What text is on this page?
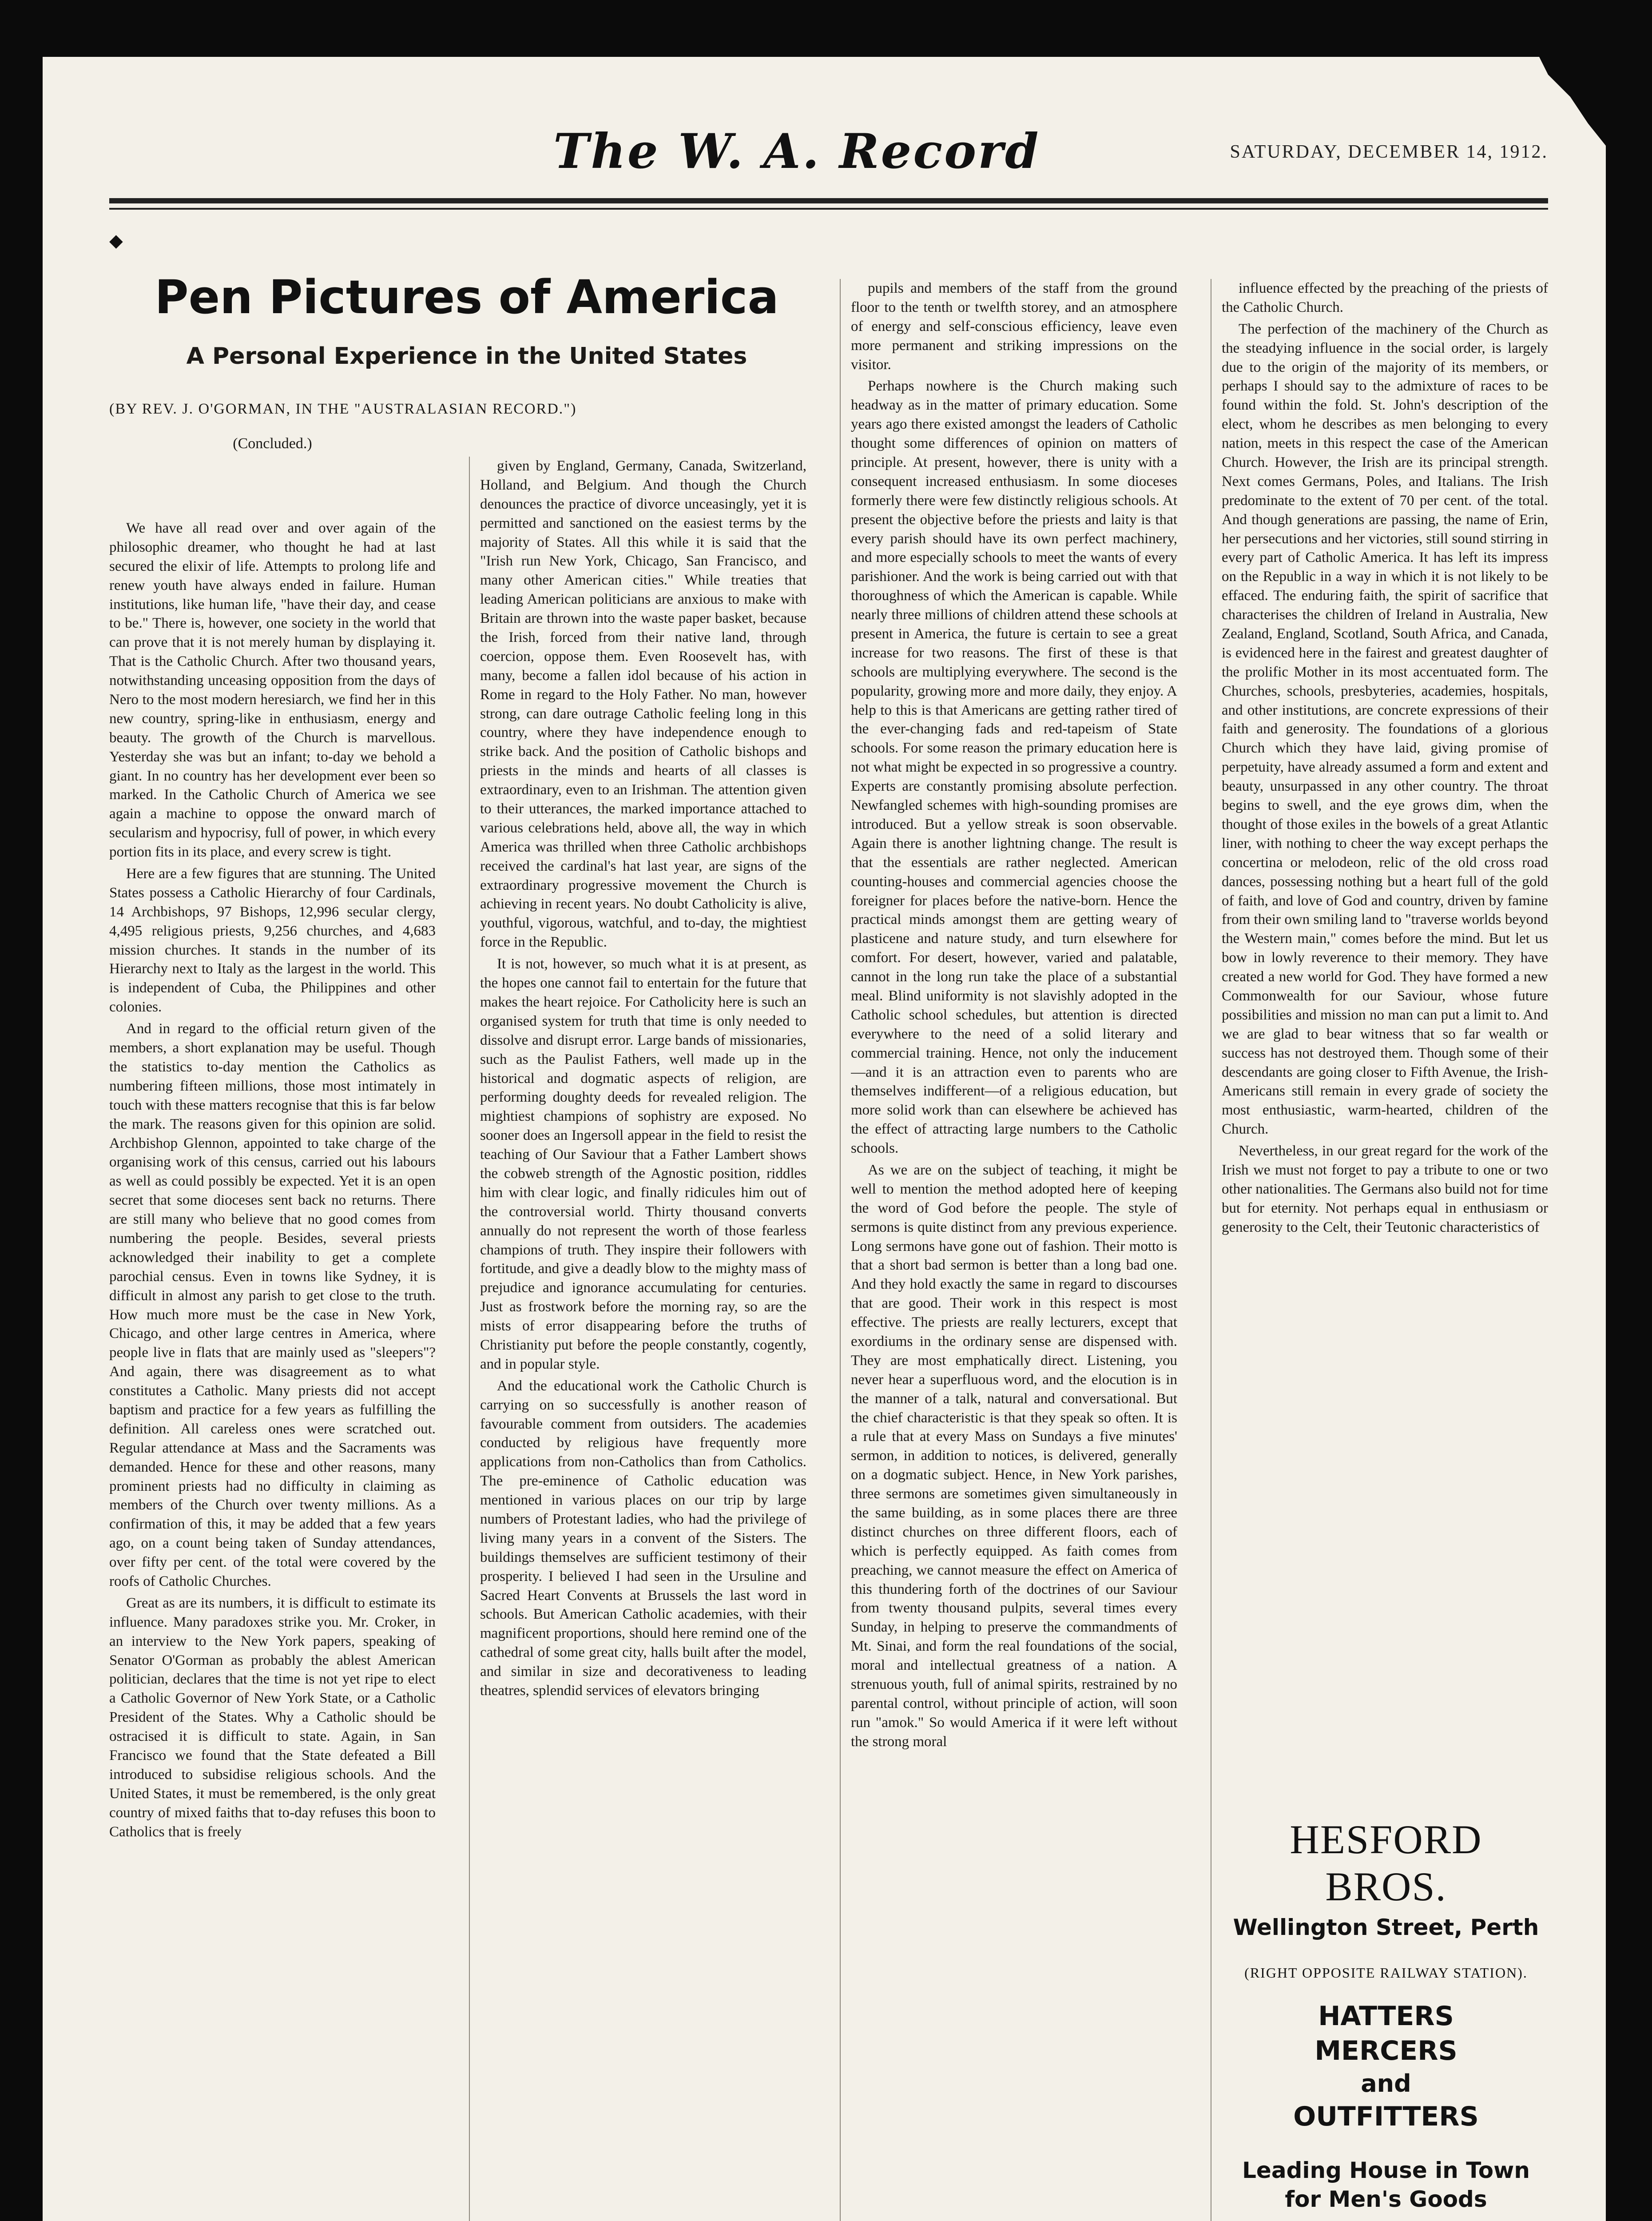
The W. A. Record	SATURDAY, DECEMBER 14, 1912.
◆
Pen Pictures of America
A Personal Experience in the United States
(BY REV. J. O'GORMAN, IN THE "AUSTRALASIAN RECORD.")
(Concluded.)

We have all read over and over again of the philosophic dreamer, who thought he had at last secured the elixir of life. Attempts to prolong life and renew youth have always ended in failure. Human institutions, like human life, "have their day, and cease to be." There is, however, one society in the world that can prove that it is not merely human by displaying it. That is the Catholic Church. After two thousand years, notwithstanding unceasing opposition from the days of Nero to the most modern heresiarch, we find her in this new country, spring-like in enthusiasm, energy and beauty. The growth of the Church is marvellous. Yesterday she was but an infant; to-day we behold a giant. In no country has her development ever been so marked. In the Catholic Church of America we see again a machine to oppose the onward march of secularism and hypocrisy, full of power, in which every portion fits in its place, and every screw is tight.

Here are a few figures that are stunning. The United States possess a Catholic Hierarchy of four Cardinals, 14 Archbishops, 97 Bishops, 12,996 secular clergy, 4,495 religious priests, 9,256 churches, and 4,683 mission churches. It stands in the number of its Hierarchy next to Italy as the largest in the world. This is independent of Cuba, the Philippines and other colonies.

And in regard to the official return given of the members, a short explanation may be useful. Though the statistics to-day mention the Catholics as numbering fifteen millions, those most intimately in touch with these matters recognise that this is far below the mark. The reasons given for this opinion are solid. Archbishop Glennon, appointed to take charge of the organising work of this census, carried out his labours as well as could possibly be expected. Yet it is an open secret that some dioceses sent back no returns. There are still many who believe that no good comes from numbering the people. Besides, several priests acknowledged their inability to get a complete parochial census. Even in towns like Sydney, it is difficult in almost any parish to get close to the truth. How much more must be the case in New York, Chicago, and other large centres in America, where people live in flats that are mainly used as "sleepers"? And again, there was disagreement as to what constitutes a Catholic. Many priests did not accept baptism and practice for a few years as fulfilling the definition. All careless ones were scratched out. Regular attendance at Mass and the Sacraments was demanded. Hence for these and other reasons, many prominent priests had no difficulty in claiming as members of the Church over twenty millions. As a confirmation of this, it may be added that a few years ago, on a count being taken of Sunday attendances, over fifty per cent. of the total were covered by the roofs of Catholic Churches.

Great as are its numbers, it is difficult to estimate its influence. Many paradoxes strike you. Mr. Croker, in an interview to the New York papers, speaking of Senator O'Gorman as probably the ablest American politician, declares that the time is not yet ripe to elect a Catholic Governor of New York State, or a Catholic President of the States. Why a Catholic should be ostracised it is difficult to state. Again, in San Francisco we found that the State defeated a Bill introduced to subsidise religious schools. And the United States, it must be remembered, is the only great country of mixed faiths that to-day refuses this boon to Catholics that is freely

given by England, Germany, Canada, Switzerland, Holland, and Belgium. And though the Church denounces the practice of divorce unceasingly, yet it is permitted and sanctioned on the easiest terms by the majority of States. All this while it is said that the "Irish run New York, Chicago, San Francisco, and many other American cities." While treaties that leading American politicians are anxious to make with Britain are thrown into the waste paper basket, because the Irish, forced from their native land, through coercion, oppose them. Even Roosevelt has, with many, become a fallen idol because of his action in Rome in regard to the Holy Father. No man, however strong, can dare outrage Catholic feeling long in this country, where they have independence enough to strike back. And the position of Catholic bishops and priests in the minds and hearts of all classes is extraordinary, even to an Irishman. The attention given to their utterances, the marked importance attached to various celebrations held, above all, the way in which America was thrilled when three Catholic archbishops received the cardinal's hat last year, are signs of the extraordinary progressive movement the Church is achieving in recent years. No doubt Catholicity is alive, youthful, vigorous, watchful, and to-day, the mightiest force in the Republic.

It is not, however, so much what it is at present, as the hopes one cannot fail to entertain for the future that makes the heart rejoice. For Catholicity here is such an organised system for truth that time is only needed to dissolve and disrupt error. Large bands of missionaries, such as the Paulist Fathers, well made up in the historical and dogmatic aspects of religion, are performing doughty deeds for revealed religion. The mightiest champions of sophistry are exposed. No sooner does an Ingersoll appear in the field to resist the teaching of Our Saviour that a Father Lambert shows the cobweb strength of the Agnostic position, riddles him with clear logic, and finally ridicules him out of the controversial world. Thirty thousand converts annually do not represent the worth of those fearless champions of truth. They inspire their followers with fortitude, and give a deadly blow to the mighty mass of prejudice and ignorance accumulating for centuries. Just as frostwork before the morning ray, so are the mists of error disappearing before the truths of Christianity put before the people constantly, cogently, and in popular style.

And the educational work the Catholic Church is carrying on so successfully is another reason of favourable comment from outsiders. The academies conducted by religious have frequently more applications from non-Catholics than from Catholics. The pre-eminence of Catholic education was mentioned in various places on our trip by large numbers of Protestant ladies, who had the privilege of living many years in a convent of the Sisters. The buildings themselves are sufficient testimony of their prosperity. I believed I had seen in the Ursuline and Sacred Heart Convents at Brussels the last word in schools. But American Catholic academies, with their magnificent proportions, should here remind one of the cathedral of some great city, halls built after the model, and similar in size and decorativeness to leading theatres, splendid services of elevators bringing

pupils and members of the staff from the ground floor to the tenth or twelfth storey, and an atmosphere of energy and self-conscious efficiency, leave even more permanent and striking impressions on the visitor.

Perhaps nowhere is the Church making such headway as in the matter of primary education. Some years ago there existed amongst the leaders of Catholic thought some differences of opinion on matters of principle. At present, however, there is unity with a consequent increased enthusiasm. In some dioceses formerly there were few distinctly religious schools. At present the objective before the priests and laity is that every parish should have its own perfect machinery, and more especially schools to meet the wants of every parishioner. And the work is being carried out with that thoroughness of which the American is capable. While nearly three millions of children attend these schools at present in America, the future is certain to see a great increase for two reasons. The first of these is that schools are multiplying everywhere. The second is the popularity, growing more and more daily, they enjoy. A help to this is that Americans are getting rather tired of the ever-changing fads and red-tapeism of State schools. For some reason the primary education here is not what might be expected in so progressive a country. Experts are constantly promising absolute perfection. Newfangled schemes with high-sounding promises are introduced. But a yellow streak is soon observable. Again there is another lightning change. The result is that the essentials are rather neglected. American counting-houses and commercial agencies choose the foreigner for places before the native-born. Hence the practical minds amongst them are getting weary of plasticene and nature study, and turn elsewhere for comfort. For desert, however, varied and palatable, cannot in the long run take the place of a substantial meal. Blind uniformity is not slavishly adopted in the Catholic school schedules, but attention is directed everywhere to the need of a solid literary and commercial training. Hence, not only the inducement—and it is an attraction even to parents who are themselves indifferent—of a religious education, but more solid work than can elsewhere be achieved has the effect of attracting large numbers to the Catholic schools.

As we are on the subject of teaching, it might be well to mention the method adopted here of keeping the word of God before the people. The style of sermons is quite distinct from any previous experience. Long sermons have gone out of fashion. Their motto is that a short bad sermon is better than a long bad one. And they hold exactly the same in regard to discourses that are good. Their work in this respect is most effective. The priests are really lecturers, except that exordiums in the ordinary sense are dispensed with. They are most emphatically direct. Listening, you never hear a superfluous word, and the elocution is in the manner of a talk, natural and conversational. But the chief characteristic is that they speak so often. It is a rule that at every Mass on Sundays a five minutes' sermon, in addition to notices, is delivered, generally on a dogmatic subject. Hence, in New York parishes, three sermons are sometimes given simultaneously in the same building, as in some places there are three distinct churches on three different floors, each of which is perfectly equipped. As faith comes from preaching, we cannot measure the effect on America of this thundering forth of the doctrines of our Saviour from twenty thousand pulpits, several times every Sunday, in helping to preserve the commandments of Mt. Sinai, and form the real foundations of the social, moral and intellectual greatness of a nation. A strenuous youth, full of animal spirits, restrained by no parental control, without principle of action, will soon run "amok." So would America if it were left without the strong moral

influence effected by the preaching of the priests of the Catholic Church.

The perfection of the machinery of the Church as the steadying influence in the social order, is largely due to the origin of the majority of its members, or perhaps I should say to the admixture of races to be found within the fold. St. John's description of the elect, whom he describes as men belonging to every nation, meets in this respect the case of the American Church. However, the Irish are its principal strength. Next comes Germans, Poles, and Italians. The Irish predominate to the extent of 70 per cent. of the total. And though generations are passing, the name of Erin, her persecutions and her victories, still sound stirring in every part of Catholic America. It has left its impress on the Republic in a way in which it is not likely to be effaced. The enduring faith, the spirit of sacrifice that characterises the children of Ireland in Australia, New Zealand, England, Scotland, South Africa, and Canada, is evidenced here in the fairest and greatest daughter of the prolific Mother in its most accentuated form. The Churches, schools, presbyteries, academies, hospitals, and other institutions, are concrete expressions of their faith and generosity. The foundations of a glorious Church which they have laid, giving promise of perpetuity, have already assumed a form and extent and beauty, unsurpassed in any other country. The throat begins to swell, and the eye grows dim, when the thought of those exiles in the bowels of a great Atlantic liner, with nothing to cheer the way except perhaps the concertina or melodeon, relic of the old cross road dances, possessing nothing but a heart full of the gold of faith, and love of God and country, driven by famine from their own smiling land to "traverse worlds beyond the Western main," comes before the mind. But let us bow in lowly reverence to their memory. They have created a new world for God. They have formed a new Commonwealth for our Saviour, whose future possibilities and mission no man can put a limit to. And we are glad to bear witness that so far wealth or success has not destroyed them. Though some of their descendants are going closer to Fifth Avenue, the Irish-Americans still remain in every grade of society the most enthusiastic, warm-hearted, children of the Church.

Nevertheless, in our great regard for the work of the Irish we must not forget to pay a tribute to one or two other nationalities. The Germans also build not for time but for eternity. Not perhaps equal in enthusiasm or generosity to the Celt, their Teutonic characteristics of

HESFORD BROS.
Wellington Street, Perth
(RIGHT OPPOSITE RAILWAY STATION).
HATTERS
MERCERS
and
OUTFITTERS
Leading House in Town
for Men's Goods
